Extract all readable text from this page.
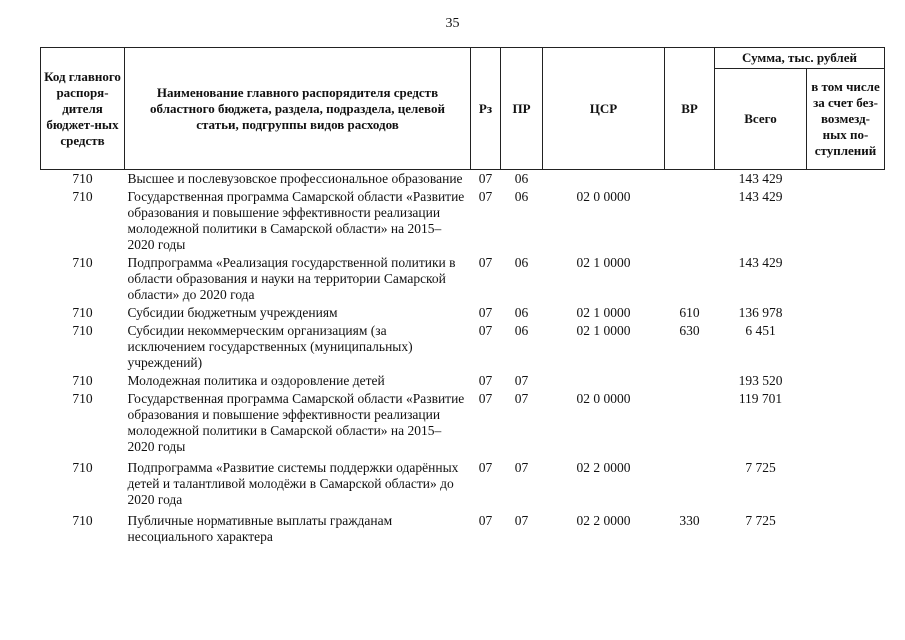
35
Код главного распоря-дителя бюджет-ных средств	Наименование главного распорядителя средств областного бюджета, раздела, подраздела, целевой статьи, подгруппы видов расходов	Рз	ПР	ЦСР	ВР	Сумма, тыс. рублей	
						Всего	в том числе за счет без-возмезд-ных по-ступлений
710	Высшее и послевузовское профессиональное образование	07	06			143 429	
710	Государственная программа Самарской области «Развитие образования и повышение эффективности реализации молодежной политики в Самарской области» на 2015–2020 годы	07	06	02 0 0000		143 429	
710	Подпрограмма «Реализация государственной политики в области образования и науки на территории Самарской области» до 2020 года	07	06	02 1 0000		143 429	
710	Субсидии бюджетным учреждениям	07	06	02 1 0000	610	136 978	
710	Субсидии некоммерческим организациям (за исключением государственных (муниципальных) учреждений)	07	06	02 1 0000	630	6 451	
710	Молодежная политика и оздоровление детей	07	07			193 520	
710	Государственная программа Самарской области «Развитие образования и повышение эффективности реализации молодежной политики в Самарской области» на 2015–2020 годы	07	07	02 0 0000		119 701	
710	Подпрограмма «Развитие системы поддержки одарённых детей и талантливой молодёжи в Самарской области» до 2020 года	07	07	02 2 0000		7 725	
710	Публичные нормативные выплаты гражданам несоциального характера	07	07	02 2 0000	330	7 725	
